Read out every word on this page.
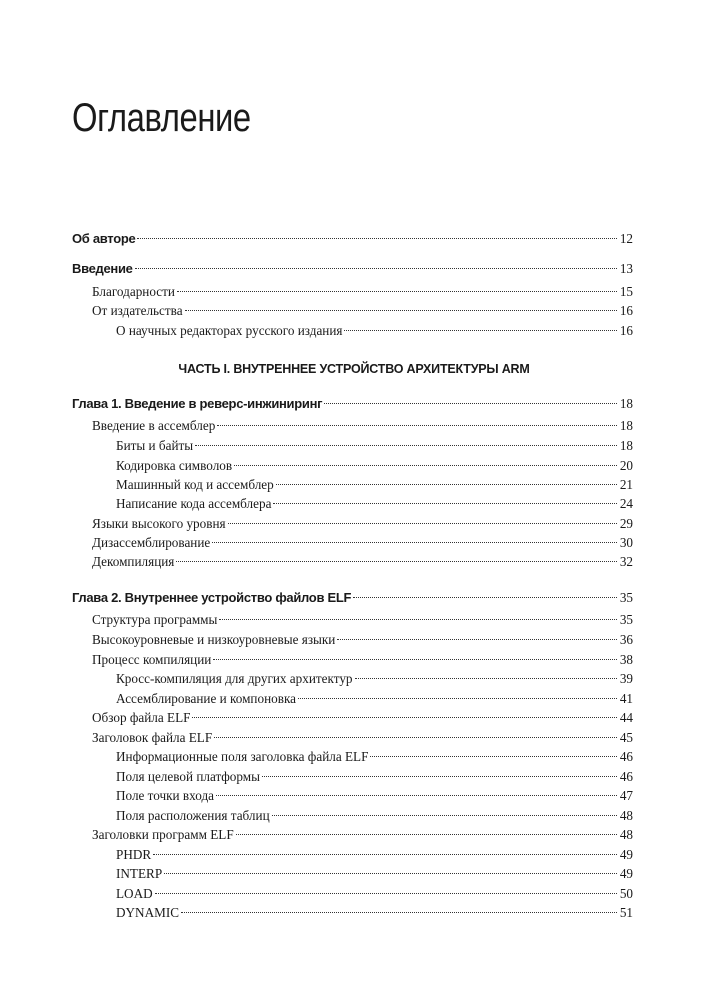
Оглавление
Об авторе	12
Введение	13
Благодарности	15
От издательства	16
О научных редакторах русского издания	16
ЧАСТЬ I. ВНУТРЕННЕЕ УСТРОЙСТВО АРХИТЕКТУРЫ ARM
Глава 1. Введение в реверс-инжиниринг	18
Введение в ассемблер	18
Биты и байты	18
Кодировка символов	20
Машинный код и ассемблер	21
Написание кода ассемблера	24
Языки высокого уровня	29
Дизассемблирование	30
Декомпиляция	32
Глава 2. Внутреннее устройство файлов ELF	35
Структура программы	35
Высокоуровневые и низкоуровневые языки	36
Процесс компиляции	38
Кросс-компиляция для других архитектур	39
Ассемблирование и компоновка	41
Обзор файла ELF	44
Заголовок файла ELF	45
Информационные поля заголовка файла ELF	46
Поля целевой платформы	46
Поле точки входа	47
Поля расположения таблиц	48
Заголовки программ ELF	48
PHDR	49
INTERP	49
LOAD	50
DYNAMIC	51
